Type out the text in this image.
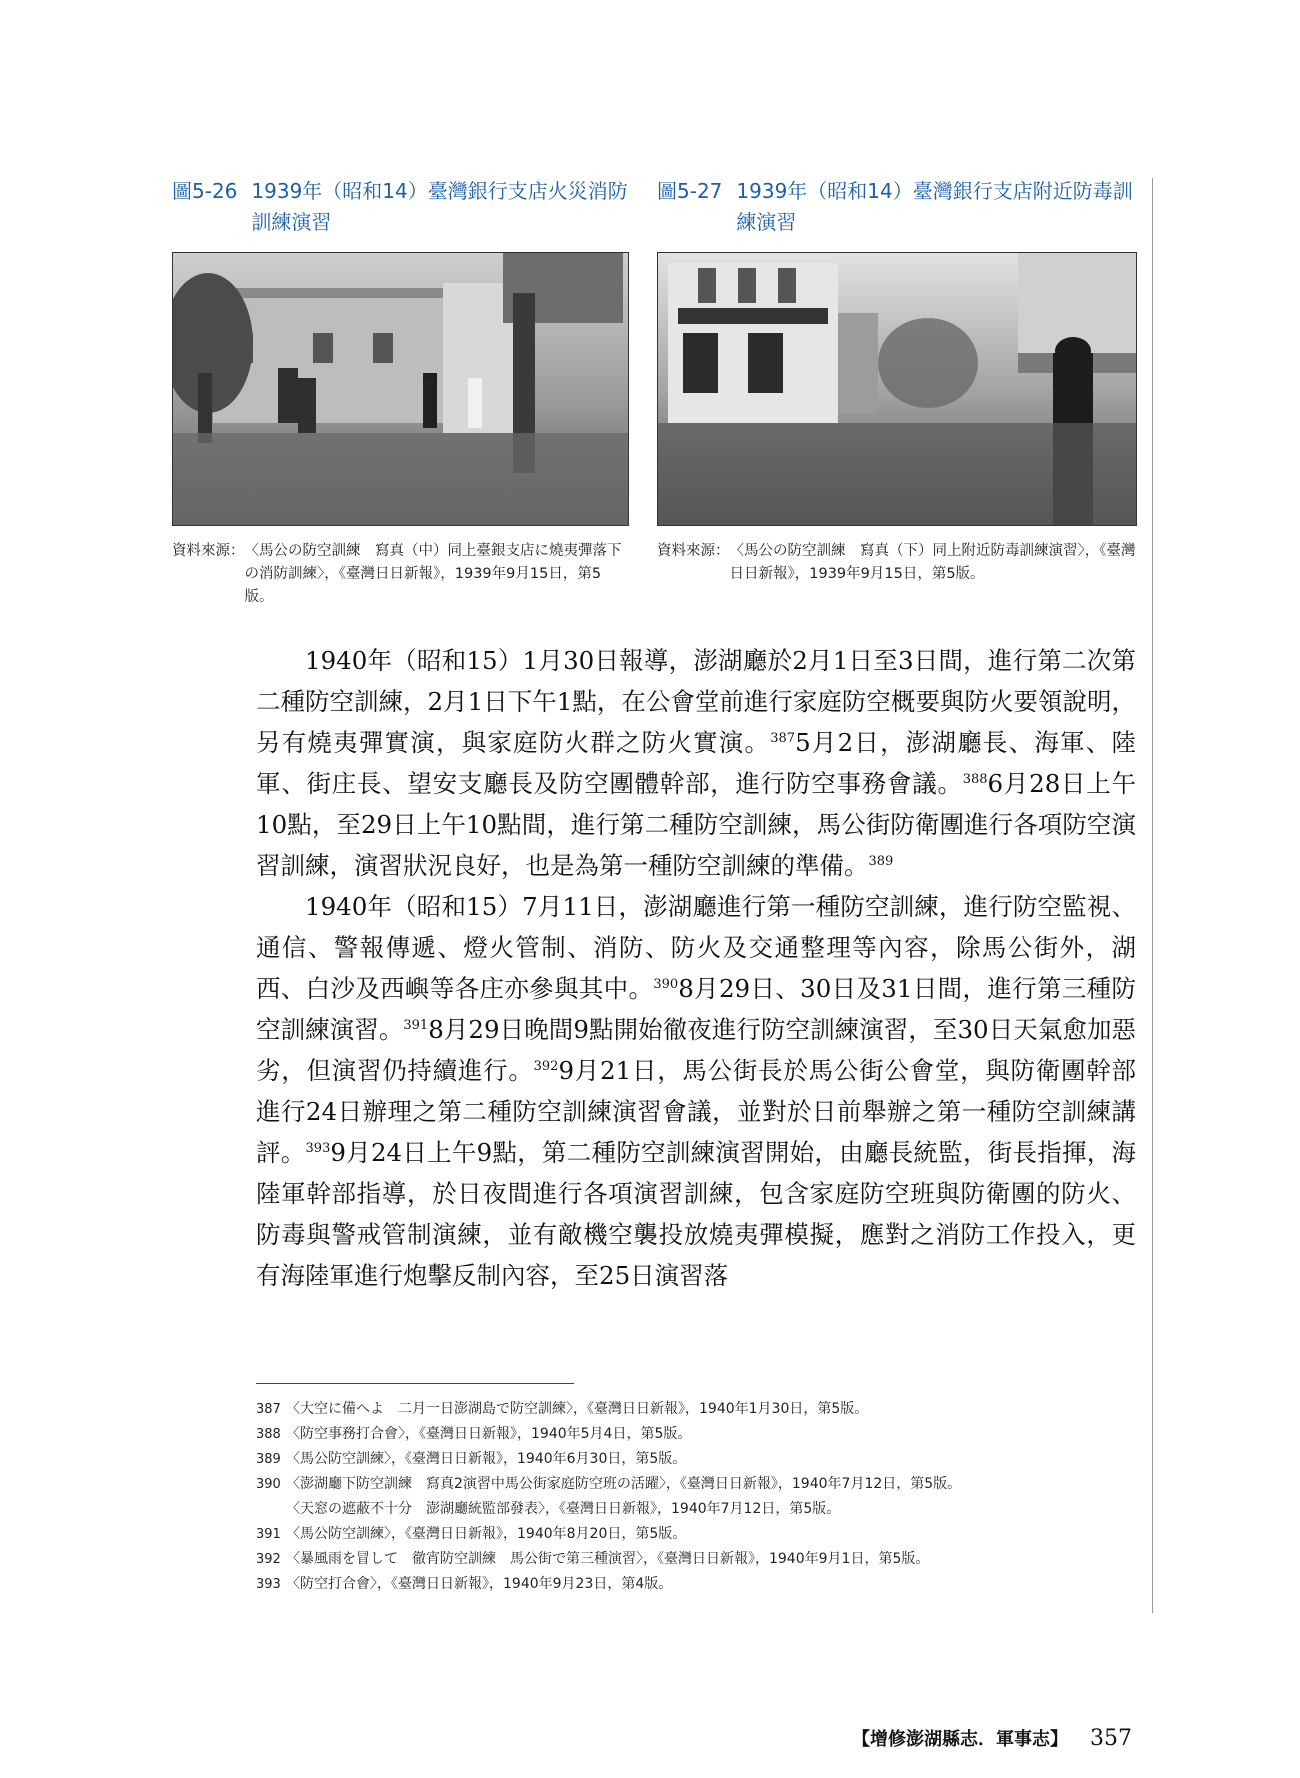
圖5-26 1939年（昭和14）臺灣銀行支店火災消防訓練演習
資料來源： 〈馬公の防空訓練　寫真（中）同上臺銀支店に燒夷彈落下の消防訓練〉，《臺灣日日新報》，1939年9月15日，第5版。
圖5-27 1939年（昭和14）臺灣銀行支店附近防毒訓練演習
資料來源： 〈馬公の防空訓練　寫真（下）同上附近防毒訓練演習〉，《臺灣日日新報》，1939年9月15日，第5版。

1940年（昭和15）1月30日報導，澎湖廳於2月1日至3日間，進行第二次第二種防空訓練，2月1日下午1點，在公會堂前進行家庭防空概要與防火要領說明，另有燒夷彈實演，與家庭防火群之防火實演。$^{387}$5月2日，澎湖廳長、海軍、陸軍、街庄長、望安支廳長及防空團體幹部，進行防空事務會議。$^{388}$6月28日上午10點，至29日上午10點間，進行第二種防空訓練，馬公街防衛團進行各項防空演習訓練，演習狀況良好，也是為第一種防空訓練的準備。$^{389}$

1940年（昭和15）7月11日，澎湖廳進行第一種防空訓練，進行防空監視、通信、警報傳遞、燈火管制、消防、防火及交通整理等內容，除馬公街外，湖西、白沙及西嶼等各庄亦參與其中。$^{390}$8月29日、30日及31日間，進行第三種防空訓練演習。$^{391}$8月29日晚間9點開始徹夜進行防空訓練演習，至30日天氣愈加惡劣，但演習仍持續進行。$^{392}$9月21日，馬公街長於馬公街公會堂，與防衛團幹部進行24日辦理之第二種防空訓練演習會議，並對於日前舉辦之第一種防空訓練講評。$^{393}$9月24日上午9點，第二種防空訓練演習開始，由廳長統監，街長指揮，海陸軍幹部指導，於日夜間進行各項演習訓練，包含家庭防空班與防衛團的防火、防毒與警戒管制演練，並有敵機空襲投放燒夷彈模擬，應對之消防工作投入，更有海陸軍進行炮擊反制內容，至25日演習落

387 〈大空に備へよ　二月一日澎湖島で防空訓練〉，《臺灣日日新報》，1940年1月30日，第5版。
388 〈防空事務打合會〉，《臺灣日日新報》，1940年5月4日，第5版。
389 〈馬公防空訓練〉，《臺灣日日新報》，1940年6月30日，第5版。
390 〈澎湖廳下防空訓練　寫真2演習中馬公街家庭防空班の活躍〉，《臺灣日日新報》，1940年7月12日，第5版。
〈天窓の遮蔽不十分　澎湖廳統監部發表〉，《臺灣日日新報》，1940年7月12日，第5版。
391 〈馬公防空訓練〉，《臺灣日日新報》，1940年8月20日，第5版。
392 〈暴風雨を冒して　徹宵防空訓練　馬公街で第三種演習〉，《臺灣日日新報》，1940年9月1日，第5版。
393 〈防空打合會〉，《臺灣日日新報》，1940年9月23日，第4版。
【增修澎湖縣志．軍事志】 357
